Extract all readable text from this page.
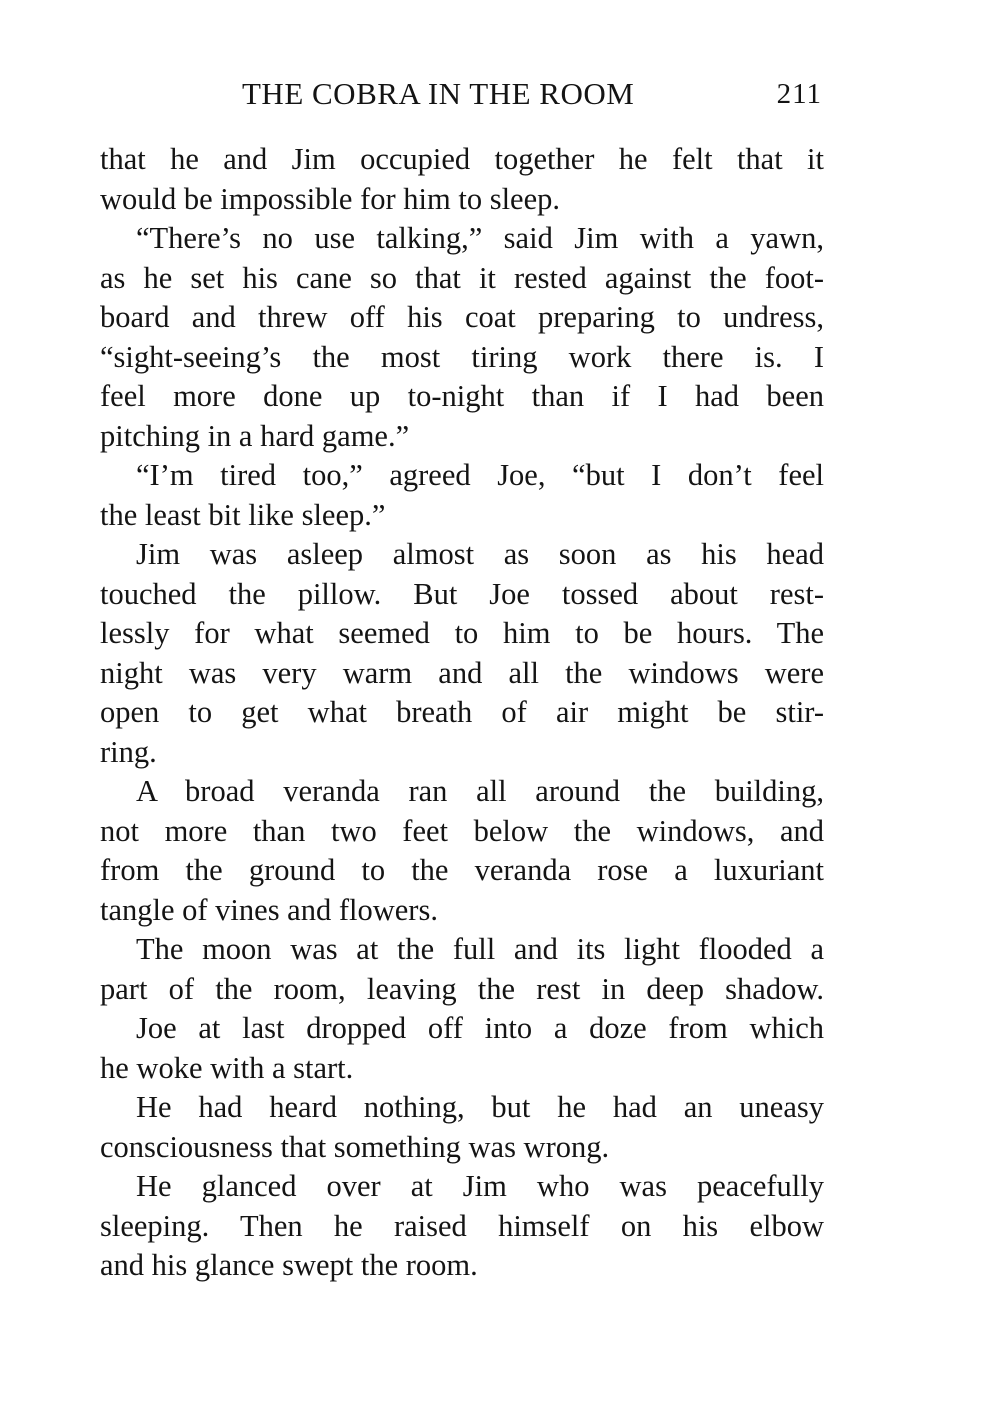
THE COBRA IN THE ROOM	211
that he and Jim occupied together he felt that it
would be impossible for him to sleep.
“There’s no use talking,” said Jim with a yawn,
as he set his cane so that it rested against the foot-
board and threw off his coat preparing to undress,
“sight-seeing’s the most tiring work there is. I
feel more done up to-night than if I had been
pitching in a hard game.”
“I’m tired too,” agreed Joe, “but I don’t feel
the least bit like sleep.”
Jim was asleep almost as soon as his head
touched the pillow. But Joe tossed about rest-
lessly for what seemed to him to be hours. The
night was very warm and all the windows were
open to get what breath of air might be stir-
ring.
A broad veranda ran all around the building,
not more than two feet below the windows, and
from the ground to the veranda rose a luxuriant
tangle of vines and flowers.
The moon was at the full and its light flooded a
part of the room, leaving the rest in deep shadow.
Joe at last dropped off into a doze from which
he woke with a start.
He had heard nothing, but he had an uneasy
consciousness that something was wrong.
He glanced over at Jim who was peacefully
sleeping. Then he raised himself on his elbow
and his glance swept the room.
